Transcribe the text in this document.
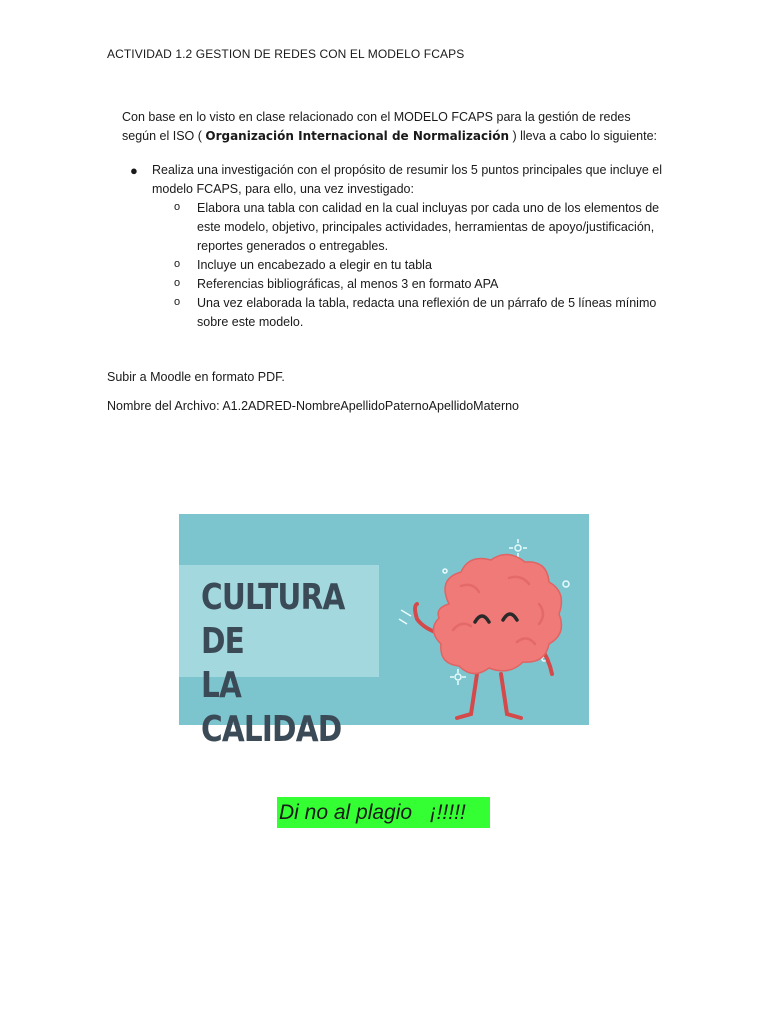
ACTIVIDAD 1.2 GESTION DE REDES CON EL MODELO FCAPS
Con base en lo visto en clase relacionado con el MODELO FCAPS para la gestión de redes
según el ISO ( Organización Internacional de Normalización ) lleva a cabo lo siguiente:
● Realiza una investigación con el propósito de resumir los 5 puntos principales que incluye el modelo FCAPS, para ello, una vez investigado:
o Elabora una tabla con calidad en la cual incluyas por cada uno de los elementos de este modelo, objetivo, principales actividades, herramientas de apoyo/justificación, reportes generados o entregables.
o Incluye un encabezado a elegir en tu tabla
o Referencias bibliográficas, al menos 3 en formato APA
o Una vez elaborada la tabla, redacta una reflexión de un párrafo de 5 líneas mínimo sobre este modelo.
Subir a Moodle en formato PDF.
Nombre del Archivo: A1.2ADRED-NombreApellidoPaternoApellidoMaterno
CULTURA DE
LA CALIDAD
Di no al plagio   ¡!!!!!
